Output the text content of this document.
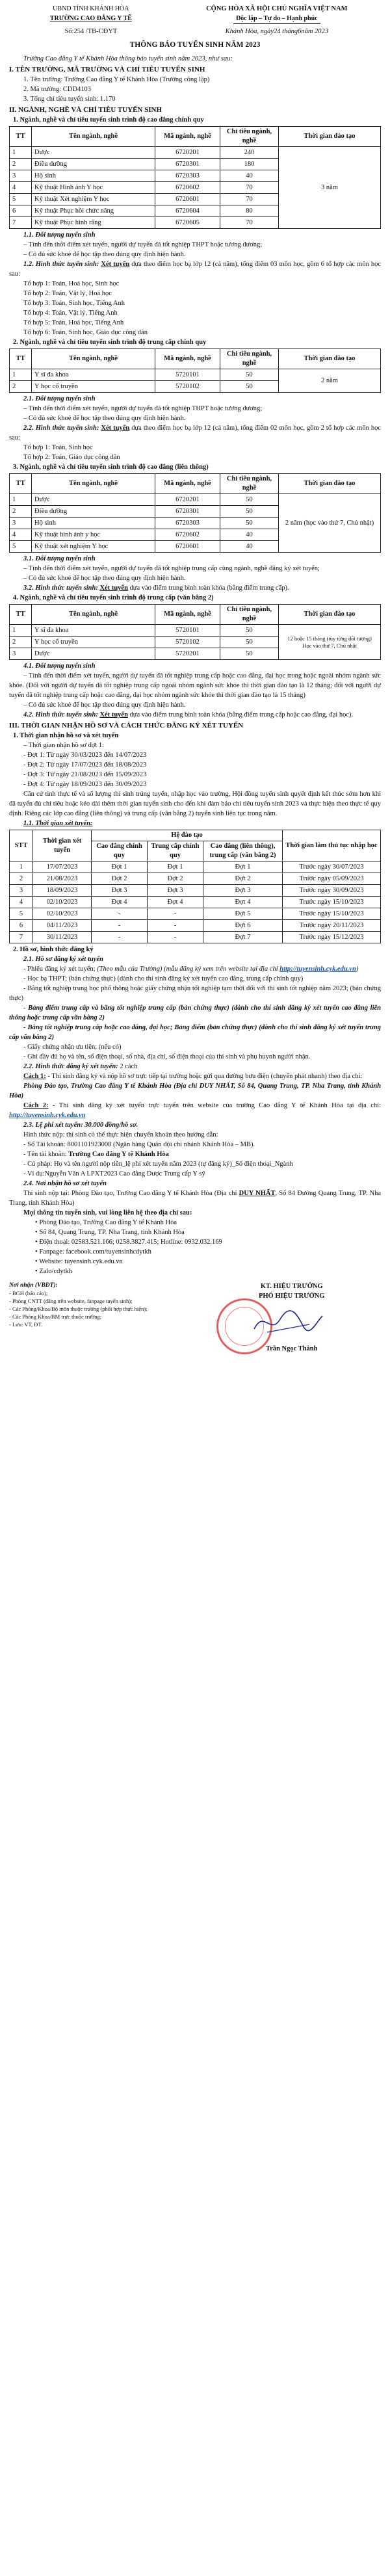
UBND TỈNH KHÁNH HÒA
TRƯỜNG CAO ĐẲNG Y TẾ
CỘNG HÒA XÃ HỘI CHỦ NGHĨA VIỆT NAM
Độc lập – Tự do – Hạnh phúc
Số:254 /TB-CĐYT	Khánh Hòa, ngày24 tháng6năm 2023
THÔNG BÁO TUYỂN SINH NĂM 2023

Trường Cao đẳng Y tế Khánh Hòa thông báo tuyển sinh năm 2023, như sau:

I. TÊN TRƯỜNG, MÃ TRƯỜNG VÀ CHỈ TIÊU TUYỂN SINH

1. Tên trường: Trường Cao đẳng Y tế Khánh Hòa (Trường công lập)

2. Mã trường: CDD4103

3. Tổng chỉ tiêu tuyển sinh: 1.170

II. NGÀNH, NGHỀ VÀ CHỈ TIÊU TUYỂN SINH

1. Ngành, nghề và chỉ tiêu tuyển sinh trình độ cao đẳng chính quy

TT	Tên ngành, nghề	Mã ngành, nghề	Chỉ tiêu ngành, nghề	Thời gian đào tạo
1	Dược	6720201	240	3 năm
2	Điều dưỡng	6720301	180	
3	Hộ sinh	6720303	40	
4	Kỹ thuật Hình ảnh Y học	6720602	70	
5	Kỹ thuật Xét nghiệm Y học	6720601	70	
6	Kỹ thuật Phục hồi chức năng	6720604	80	
7	Kỹ thuật Phục hình răng	6720605	70	

1.1. Đối tượng tuyển sinh

– Tính đến thời điểm xét tuyển, người dự tuyển đã tốt nghiệp THPT hoặc tương đương;

– Có đủ sức khoẻ để học tập theo đúng quy định hiện hành.

1.2. Hình thức tuyển sinh: Xét tuyển dựa theo điểm học bạ lớp 12 (cả năm), tổng điểm 03 môn học, gồm 6 tổ hợp các môn học sau:

Tổ hợp 1: Toán, Hoá học, Sinh học

Tổ hợp 2: Toán, Vật lý, Hoá học

Tổ hợp 3: Toán, Sinh học, Tiếng Anh

Tổ hợp 4: Toán, Vật lý, Tiếng Anh

Tổ hợp 5: Toán, Hoá học, Tiếng Anh

Tổ hợp 6: Toán, Sinh học, Giáo dục công dân

2. Ngành, nghề và chỉ tiêu tuyển sinh trình độ trung cấp chính quy

TT	Tên ngành, nghề	Mã ngành, nghề	Chỉ tiêu ngành, nghề	Thời gian đào tạo
1	Y sĩ đa khoa	5720101	50	2 năm
2	Y học cổ truyền	5720102	50	

2.1. Đối tượng tuyển sinh

– Tính đến thời điểm xét tuyển, người dự tuyển đã tốt nghiệp THPT hoặc tương đương;

– Có đủ sức khoẻ để học tập theo đúng quy định hiện hành.

2.2. Hình thức tuyển sinh: Xét tuyển dựa theo điểm học bạ lớp 12 (cả năm), tổng điểm 02 môn học, gồm 2 tổ hợp các môn học sau:

Tổ hợp 1: Toán, Sinh học

Tổ hợp 2: Toán, Giáo dục công dân

3. Ngành, nghề và chỉ tiêu tuyển sinh trình độ cao đẳng (liên thông)

TT	Tên ngành, nghề	Mã ngành, nghề	Chỉ tiêu ngành, nghề	Thời gian đào tạo
1	Dược	6720201	50	2 năm (học vào thứ 7, Chủ nhật)
2	Điều dưỡng	6720301	50	
3	Hộ sinh	6720303	50	
4	Kỹ thuật hình ảnh y học	6720602	40	
5	Kỹ thuật xét nghiệm Y học	6720601	40	

3.1. Đối tượng tuyển sinh

– Tính đến thời điểm xét tuyển, người dự tuyển đã tốt nghiệp trung cấp cùng ngành, nghề đăng ký xét tuyển;

– Có đủ sức khoẻ để học tập theo đúng quy định hiện hành.

3.2. Hình thức tuyển sinh: Xét tuyển dựa vào điểm trung bình toàn khóa (bằng điểm trung cấp).

4. Ngành, nghề và chỉ tiêu tuyển sinh trình độ trung cấp (văn bằng 2)

TT	Tên ngành, nghề	Mã ngành, nghề	Chỉ tiêu ngành, nghề	Thời gian đào tạo
1	Y sĩ đa khoa	5720101	50	12 hoặc 15 tháng (tùy từng đối tượng)
Học vào thứ 7, Chủ nhật

2	Y học cổ truyền	5720102	50	
3	Dược	5720201	50	

4.1. Đối tượng tuyển sinh

– Tính đến thời điểm xét tuyển, người dự tuyển đã tốt nghiệp trung cấp hoặc cao đẳng, đại học trong hoặc ngoài nhóm ngành sức khỏe. (Đối với người dự tuyển đã tốt nghiệp trung cấp ngoài nhóm ngành sức khỏe thì thời gian đào tạo là 12 tháng; đối với người dự tuyển đã tốt nghiệp trung cấp hoặc cao đẳng, đại học nhóm ngành sức khỏe thì thời gian đào tạo là 15 tháng)

– Có đủ sức khoẻ để học tập theo đúng quy định hiện hành.

4.2. Hình thức tuyển sinh: Xét tuyển dựa vào điểm trung bình toàn khóa (bằng điểm trung cấp hoặc cao đẳng, đại học).

III. THỜI GIAN NHẬN HỒ SƠ VÀ CÁCH THỨC ĐĂNG KÝ XÉT TUYỂN

1. Thời gian nhận hồ sơ và xét tuyển

– Thời gian nhận hồ sơ đợt 1:

- Đợt 1: Từ ngày 30/03/2023 đến 14/07/2023

- Đợt 2: Từ ngày 17/07/2023 đến 18/08/2023

- Đợt 3: Từ ngày 21/08/2023 đến 15/09/2023

- Đợt 4: Từ ngày 18/09/2023 đến 30/09/2023

Căn cứ tình thực tế và số lượng thí sinh trúng tuyển, nhập học vào trường, Hội đồng tuyển sinh quyết định kết thúc sớm hơn khi đã tuyển đủ chỉ tiêu hoặc kéo dài thêm thời gian tuyển sinh cho đến khi đảm bảo chỉ tiêu tuyển sinh 2023 và thực hiện theo thực tế quy định. Riêng các lớp cao đẳng (liên thông) và trung cấp (văn bằng 2) tuyển sinh liên tục trong năm.

1.1. Thời gian xét tuyển:

STT	Thời gian xét tuyển	Hệ đào tạo			Thời gian làm thủ tục nhập học
		Cao đẳng chính quy	Trung cấp chính quy	Cao đẳng (liên thông), trung cấp (văn bằng 2)	
1	17/07/2023	Đợt 1	Đợt 1	Đợt 1	Trước ngày 30/07/2023
2	21/08/2023	Đợt 2	Đợt 2	Đợt 2	Trước ngày 05/09/2023
3	18/09/2023	Đợt 3	Đợt 3	Đợt 3	Trước ngày 30/09/2023
4	02/10/2023	Đợt 4	Đợt 4	Đợt 4	Trước ngày 15/10/2023
5	02/10/2023	-	-	Đợt 5	Trước ngày 15/10/2023
6	04/11/2023	-	-	Đợt 6	Trước ngày 20/11/2023
7	30/11/2023	-	-	Đợt 7	Trước ngày 15/12/2023

2. Hồ sơ, hình thức đăng ký

2.1. Hồ sơ đăng ký xét tuyển

- Phiếu đăng ký xét tuyển; (Theo mẫu của Trường) (mẫu đăng ký xem trên website tại địa chỉ http://tuyensinh.cyk.edu.vn)

- Học bạ THPT; (bản chứng thực) (dành cho thí sinh đăng ký xét tuyển cao đẳng, trung cấp chính quy)

- Bằng tốt nghiệp trung học phổ thông hoặc giấy chứng nhận tốt nghiệp tạm thời đối với thí sinh tốt nghiệp năm 2023; (bản chứng thực)

- Bảng điểm trung cấp và bằng tốt nghiệp trung cấp (bản chứng thực) (dành cho thí sinh đăng ký xét tuyển cao đẳng liên thông hoặc trung cấp văn bằng 2)

- Bằng tốt nghiệp trung cấp hoặc cao đẳng, đại học; Bảng điểm (bản chứng thực) (dành cho thí sinh đăng ký xét tuyển trung cấp văn bằng 2)

- Giấy chứng nhận ưu tiên; (nếu có)

- Ghi đầy đủ họ và tên, số điện thoại, số nhà, địa chỉ, số điện thoại của thí sinh và phụ huynh người nhận.

2.2. Hình thức đăng ký xét tuyển: 2 cách

Cách 1: - Thí sinh đăng ký và nộp hồ sơ trực tiếp tại trường hoặc gửi qua đường bưu điện (chuyển phát nhanh) theo địa chỉ:

Phòng Đào tạo, Trường Cao đẳng Y tế Khánh Hòa (Địa chỉ DUY NHẤT, Số 84, Quang Trung, TP. Nha Trang, tỉnh Khánh Hòa)

Cách 2: - Thí sinh đăng ký xét tuyển trực tuyến trên website của trường Cao đẳng Y tế Khánh Hòa tại địa chỉ: http://tuyensinh.cyk.edu.vn

2.3. Lệ phí xét tuyển: 30.000 đồng/hồ sơ.

Hình thức nộp: thí sinh có thể thực hiện chuyển khoản theo hướng dẫn:

- Số Tài khoản: 8001101923008 (Ngân hàng Quân đội chi nhánh Khánh Hòa – MB).

- Tên tài khoản: Trường Cao đẳng Y tế Khánh Hòa

- Cú pháp: Họ và tên người nộp tiền_lệ phí xét tuyển năm 2023 (tự đăng ký)_Số điện thoại_Ngành

- Ví dụ:Nguyễn Văn A LPXT2023 Cao đẳng Dược Trung cấp Y sỹ

2.4. Nơi nhận hồ sơ xét tuyển

Thí sinh nộp tại: Phòng Đào tạo, Trường Cao đẳng Y tế Khánh Hòa (Địa chỉ DUY NHẤT, Số 84 Đường Quang Trung, TP. Nha Trang, tỉnh Khánh Hòa)

Mọi thông tin tuyển sinh, vui lòng liên hệ theo địa chỉ sau:

• Phòng Đào tạo, Trường Cao đẳng Y tế Khánh Hòa
• Số 84, Quang Trung, TP. Nha Trang, tỉnh Khánh Hòa
• Điện thoại: 02583.521.166; 0258.3827.415; Hotline: 0932.032.169
• Fanpage: facebook.com/tuyensinhcdytkh
• Website: tuyensinh.cyk.edu.vn
• Zalo/cdytkh
Nơi nhận (VBĐT):
- BGH (báo cáo);
- Phòng CNTT (đăng trên website, fanpage tuyển sinh);
- Các Phòng/Khoa/Bộ môn thuộc trường (phối hợp thực hiện);
- Các Phòng Khoa/BM trực thuộc trường;
- Lưu: VT, ĐT.
KT. HIỆU TRƯỞNG
PHÓ HIỆU TRƯỞNG
Trần Ngọc Thành
